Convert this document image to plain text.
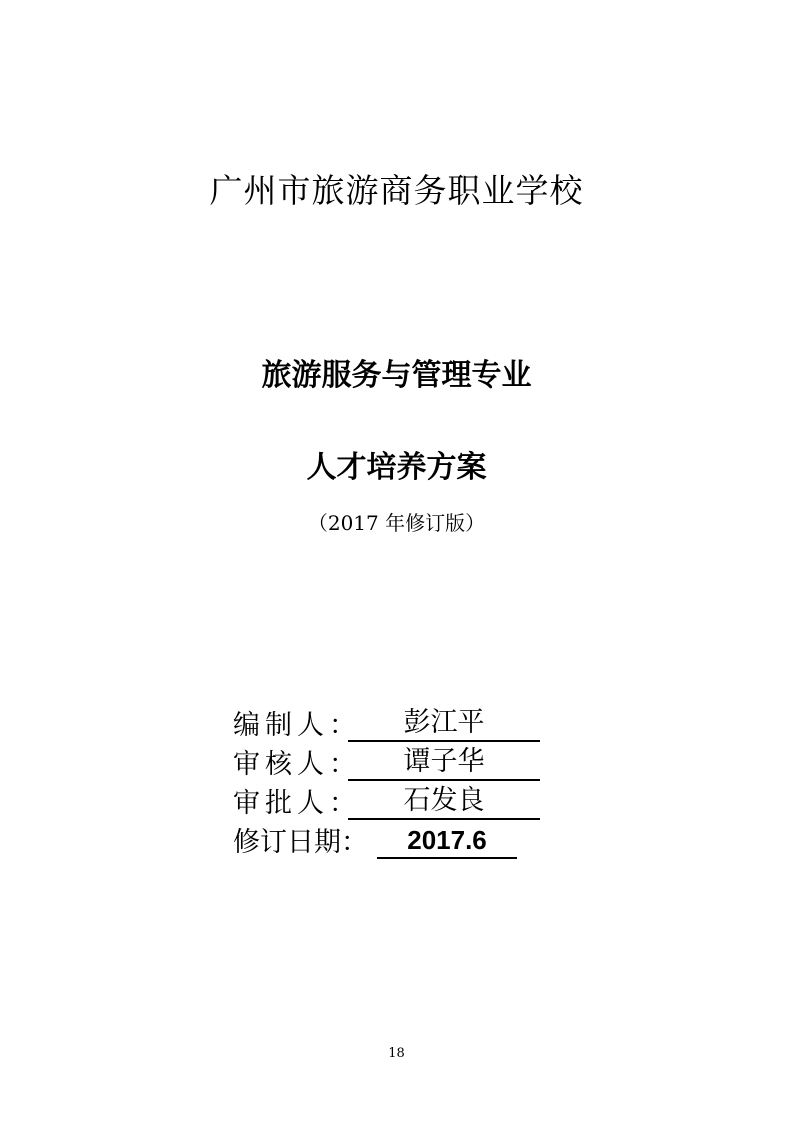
广州市旅游商务职业学校
旅游服务与管理专业
人才培养方案
（2017 年修订版）
编制人：	彭江平
审核人：	谭子华
审批人：	石发良
修订日期：	2017.6
18
